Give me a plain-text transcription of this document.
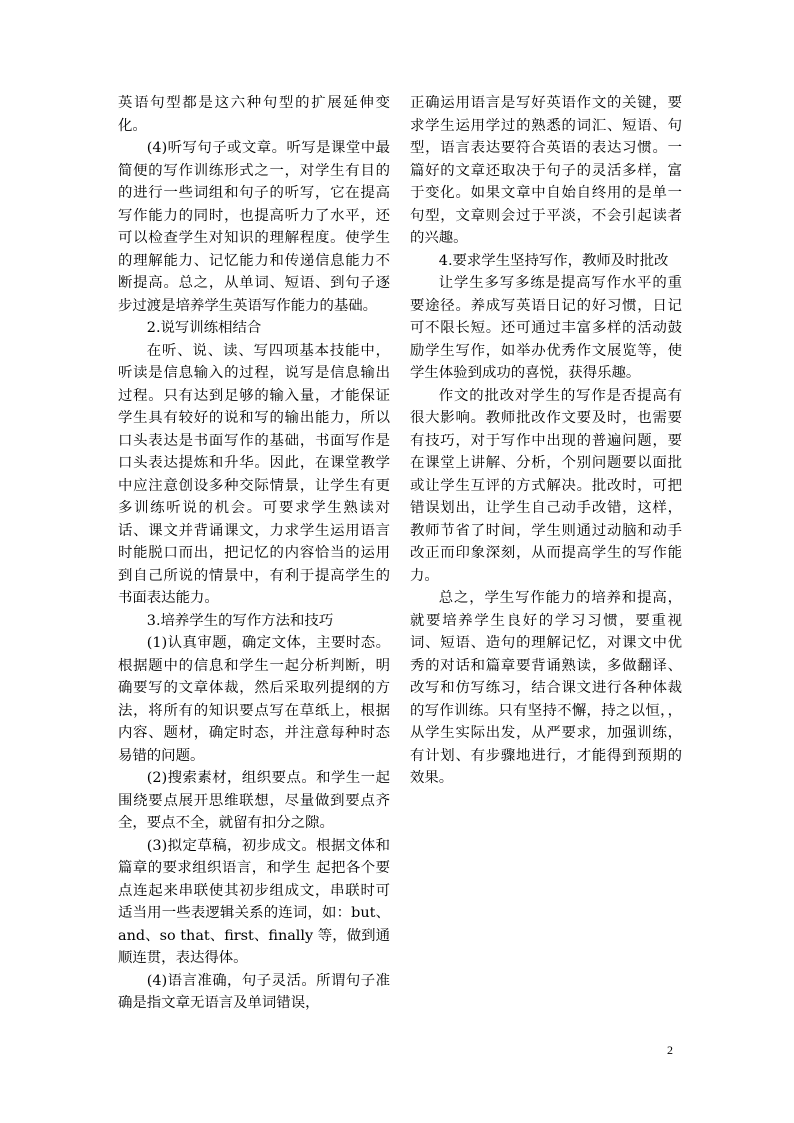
英语句型都是这六种句型的扩展延伸变化。

(4)听写句子或文章。听写是课堂中最简便的写作训练形式之一，对学生有目的的进行一些词组和句子的听写，它在提高写作能力的同时，也提高听力了水平，还可以检查学生对知识的理解程度。使学生的理解能力、记忆能力和传递信息能力不断提高。总之，从单词、短语、到句子逐步过渡是培养学生英语写作能力的基础。

2.说写训练相结合

在听、说、读、写四项基本技能中，听读是信息输入的过程，说写是信息输出过程。只有达到足够的输入量，才能保证学生具有较好的说和写的输出能力，所以口头表达是书面写作的基础，书面写作是口头表达提炼和升华。因此，在课堂教学中应注意创设多种交际情景，让学生有更多训练听说的机会。可要求学生熟读对话、课文并背诵课文，力求学生运用语言时能脱口而出，把记忆的内容恰当的运用到自己所说的情景中，有利于提高学生的书面表达能力。

3.培养学生的写作方法和技巧

(1)认真审题，确定文体，主要时态。根据题中的信息和学生一起分析判断，明确要写的文章体裁，然后采取列提纲的方法，将所有的知识要点写在草纸上，根据内容、题材，确定时态，并注意每种时态易错的问题。

(2)搜索素材，组织要点。和学生一起围绕要点展开思维联想，尽量做到要点齐全，要点不全，就留有扣分之隙。

(3)拟定草稿，初步成文。根据文体和篇章的要求组织语言，和学生 起把各个要点连起来串联使其初步组成文，串联时可适当用一些表逻辑关系的连词，如：but、and、so that、first、finally 等，做到通顺连贯，表达得体。

(4)语言准确，句子灵活。所谓句子准确是指文章无语言及单词错误，

正确运用语言是写好英语作文的关键，要求学生运用学过的熟悉的词汇、短语、句型，语言表达要符合英语的表达习惯。一篇好的文章还取决于句子的灵活多样，富于变化。如果文章中自始自终用的是单一句型，文章则会过于平淡，不会引起读者的兴趣。

4.要求学生坚持写作，教师及时批改

让学生多写多练是提高写作水平的重要途径。养成写英语日记的好习惯，日记可不限长短。还可通过丰富多样的活动鼓励学生写作，如举办优秀作文展览等，使学生体验到成功的喜悦，获得乐趣。

作文的批改对学生的写作是否提高有很大影响。教师批改作文要及时，也需要有技巧，对于写作中出现的普遍问题，要在课堂上讲解、分析，个别问题要以面批或让学生互评的方式解决。批改时，可把错误划出，让学生自己动手改错，这样，教师节省了时间，学生则通过动脑和动手改正而印象深刻，从而提高学生的写作能力。

总之，学生写作能力的培养和提高，就要培养学生良好的学习习惯，要重视词、短语、造句的理解记忆，对课文中优秀的对话和篇章要背诵熟读，多做翻译、改写和仿写练习，结合课文进行各种体裁的写作训练。只有坚持不懈，持之以恒，，从学生实际出发，从严要求，加强训练，有计划、有步骤地进行，才能得到预期的效果。

2
